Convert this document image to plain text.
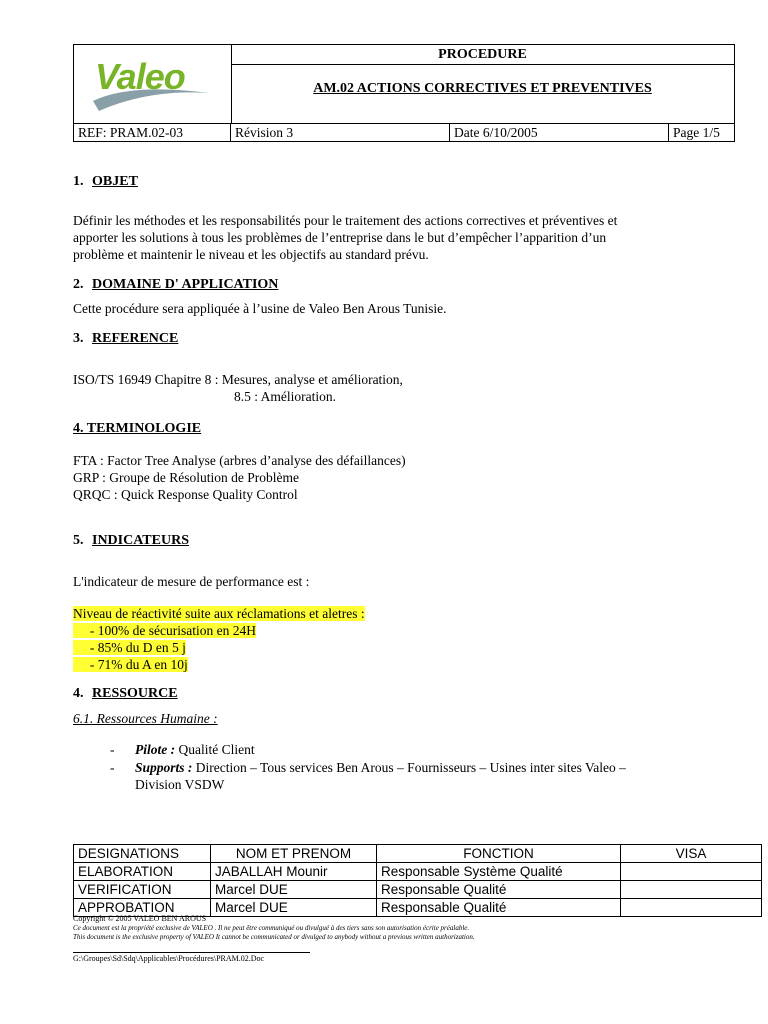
Valeo
PROCEDURE
AM.02 ACTIONS CORRECTIVES ET PREVENTIVES
REF: PRAM.02-03	Révision 3	Date 6/10/2005	Page 1/5
1. OBJET
Définir les méthodes et les responsabilités pour le traitement des actions correctives et préventives et
apporter les solutions à tous les problèmes de l’entreprise dans le but d’empêcher l’apparition d’un
problème et maintenir le niveau et les objectifs au standard prévu.
2. DOMAINE D' APPLICATION
Cette procédure sera appliquée à l’usine de Valeo Ben Arous Tunisie.
3. REFERENCE
ISO/TS 16949 Chapitre 8 : Mesures, analyse et amélioration,
8.5 : Amélioration.
4. TERMINOLOGIE
FTA : Factor Tree Analyse (arbres d’analyse des défaillances)
GRP : Groupe de Résolution de Problème
QRQC : Quick Response Quality Control
5. INDICATEURS
L'indicateur de mesure de performance est :
Niveau de réactivité suite aux réclamations et aletres :
- 100% de sécurisation en 24H
- 85% du D en 5 j
- 71% du A en 10j
4. RESSOURCE
6.1. Ressources Humaine :
- Pilote : Qualité Client
- Supports : Direction – Tous services Ben Arous – Fournisseurs – Usines inter sites Valeo –
Division VSDW
DESIGNATIONS	NOM ET PRENOM	FONCTION	VISA
ELABORATION	JABALLAH Mounir	Responsable Système Qualité	
VERIFICATION	Marcel DUE	Responsable Qualité	
APPROBATION	Marcel DUE	Responsable Qualité	
Copyright © 2005 VALEO BEN AROUS
Ce document est la propriété exclusive de VALEO . Il ne peut être communiqué ou divulgué à des tiers sans son autorisation écrite préalable.
This document is the exclusive property of VALEO It cannot be communicated or divulged to anybody without a previous written authorization.
G:\Groupes\Sd\Sdq\Applicables\Procédures\PRAM.02.Doc
